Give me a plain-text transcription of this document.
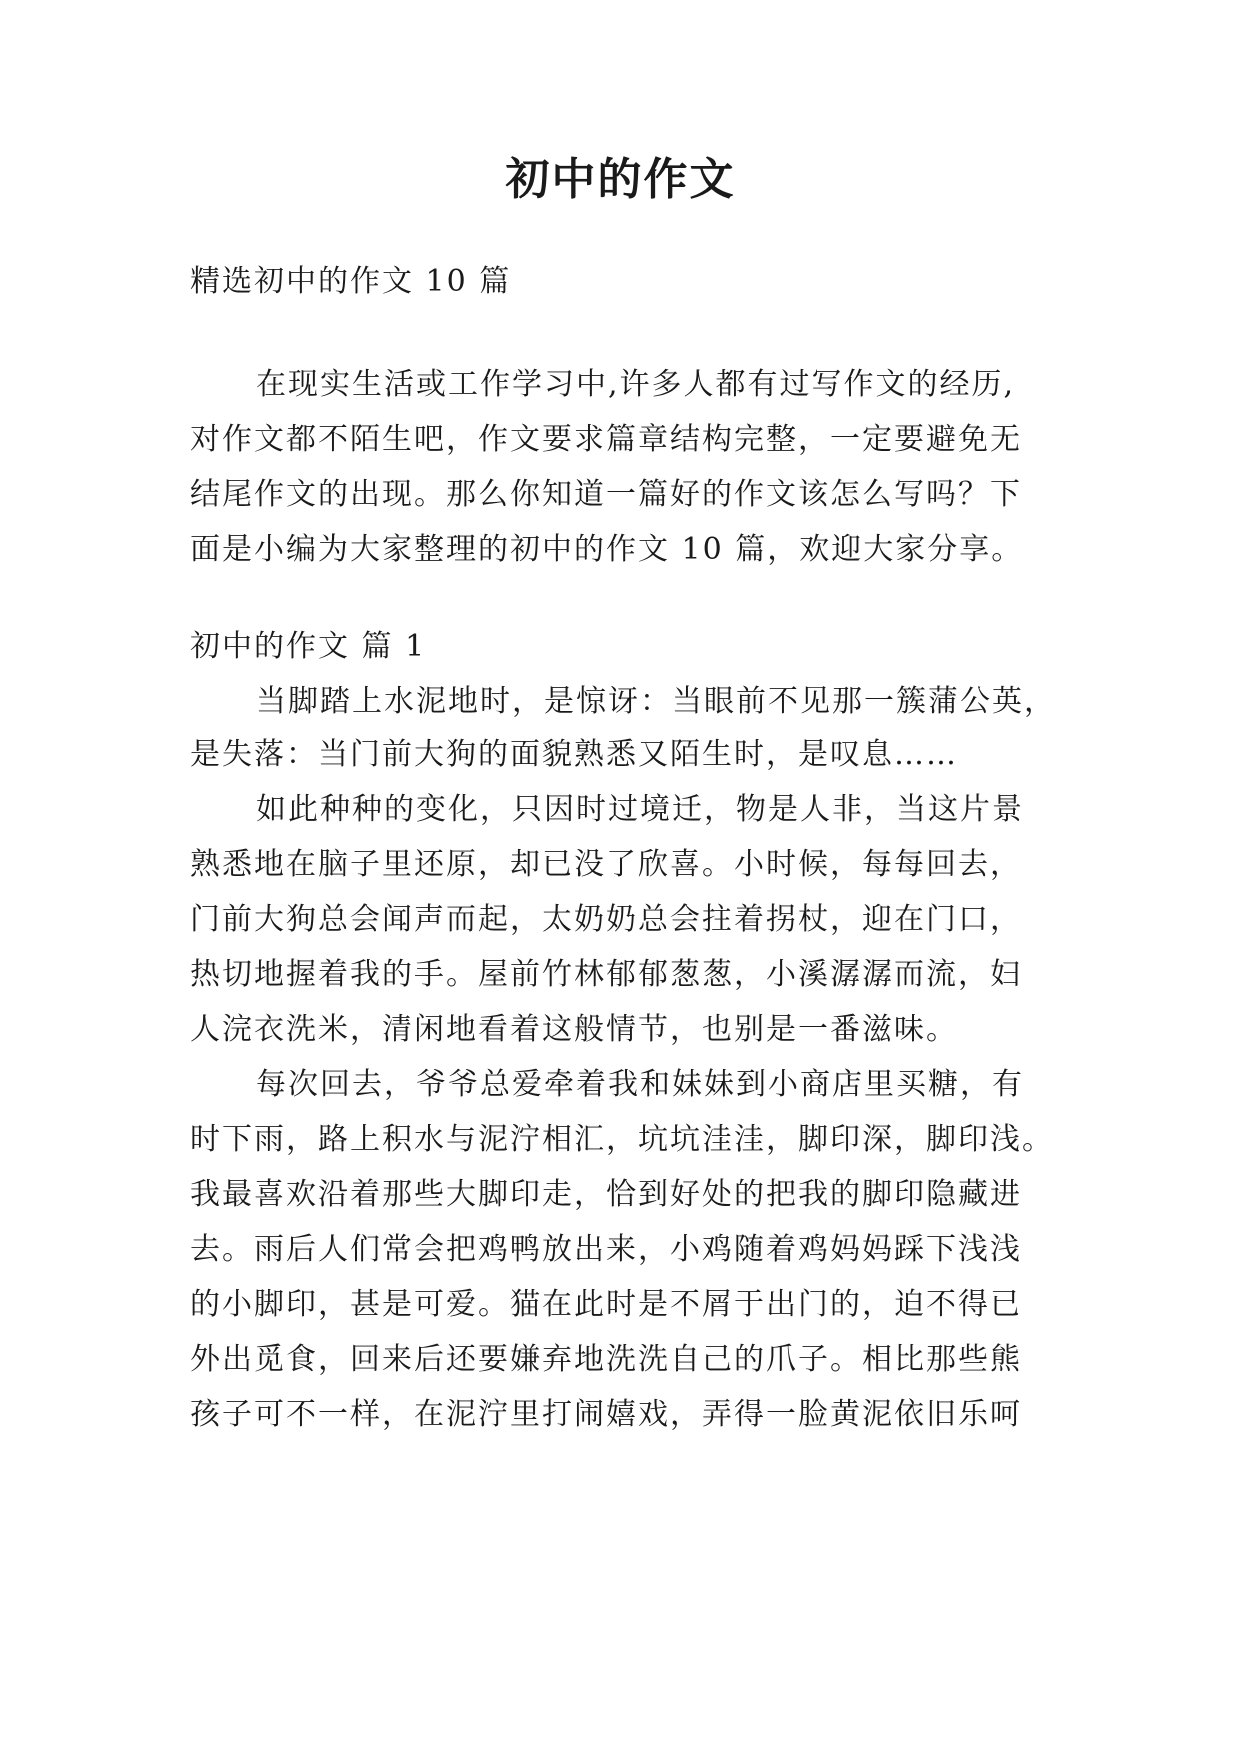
初中的作文

精选初中的作文 10 篇

在现实生活或工作学习中,许多人都有过写作文的经历,

对作文都不陌生吧，作文要求篇章结构完整，一定要避免无

结尾作文的出现。那么你知道一篇好的作文该怎么写吗？下

面是小编为大家整理的初中的作文 10 篇，欢迎大家分享。

初中的作文 篇 1

当脚踏上水泥地时，是惊讶：当眼前不见那一簇蒲公英，

是失落：当门前大狗的面貌熟悉又陌生时，是叹息……

如此种种的变化，只因时过境迁，物是人非，当这片景

熟悉地在脑子里还原，却已没了欣喜。小时候，每每回去，

门前大狗总会闻声而起，太奶奶总会拄着拐杖，迎在门口，

热切地握着我的手。屋前竹林郁郁葱葱，小溪潺潺而流，妇

人浣衣洗米，清闲地看着这般情节，也别是一番滋味。

每次回去，爷爷总爱牵着我和妹妹到小商店里买糖，有

时下雨，路上积水与泥泞相汇，坑坑洼洼，脚印深，脚印浅。

我最喜欢沿着那些大脚印走，恰到好处的把我的脚印隐藏进

去。雨后人们常会把鸡鸭放出来，小鸡随着鸡妈妈踩下浅浅

的小脚印，甚是可爱。猫在此时是不屑于出门的，迫不得已

外出觅食，回来后还要嫌弃地洗洗自己的爪子。相比那些熊

孩子可不一样，在泥泞里打闹嬉戏，弄得一脸黄泥依旧乐呵
